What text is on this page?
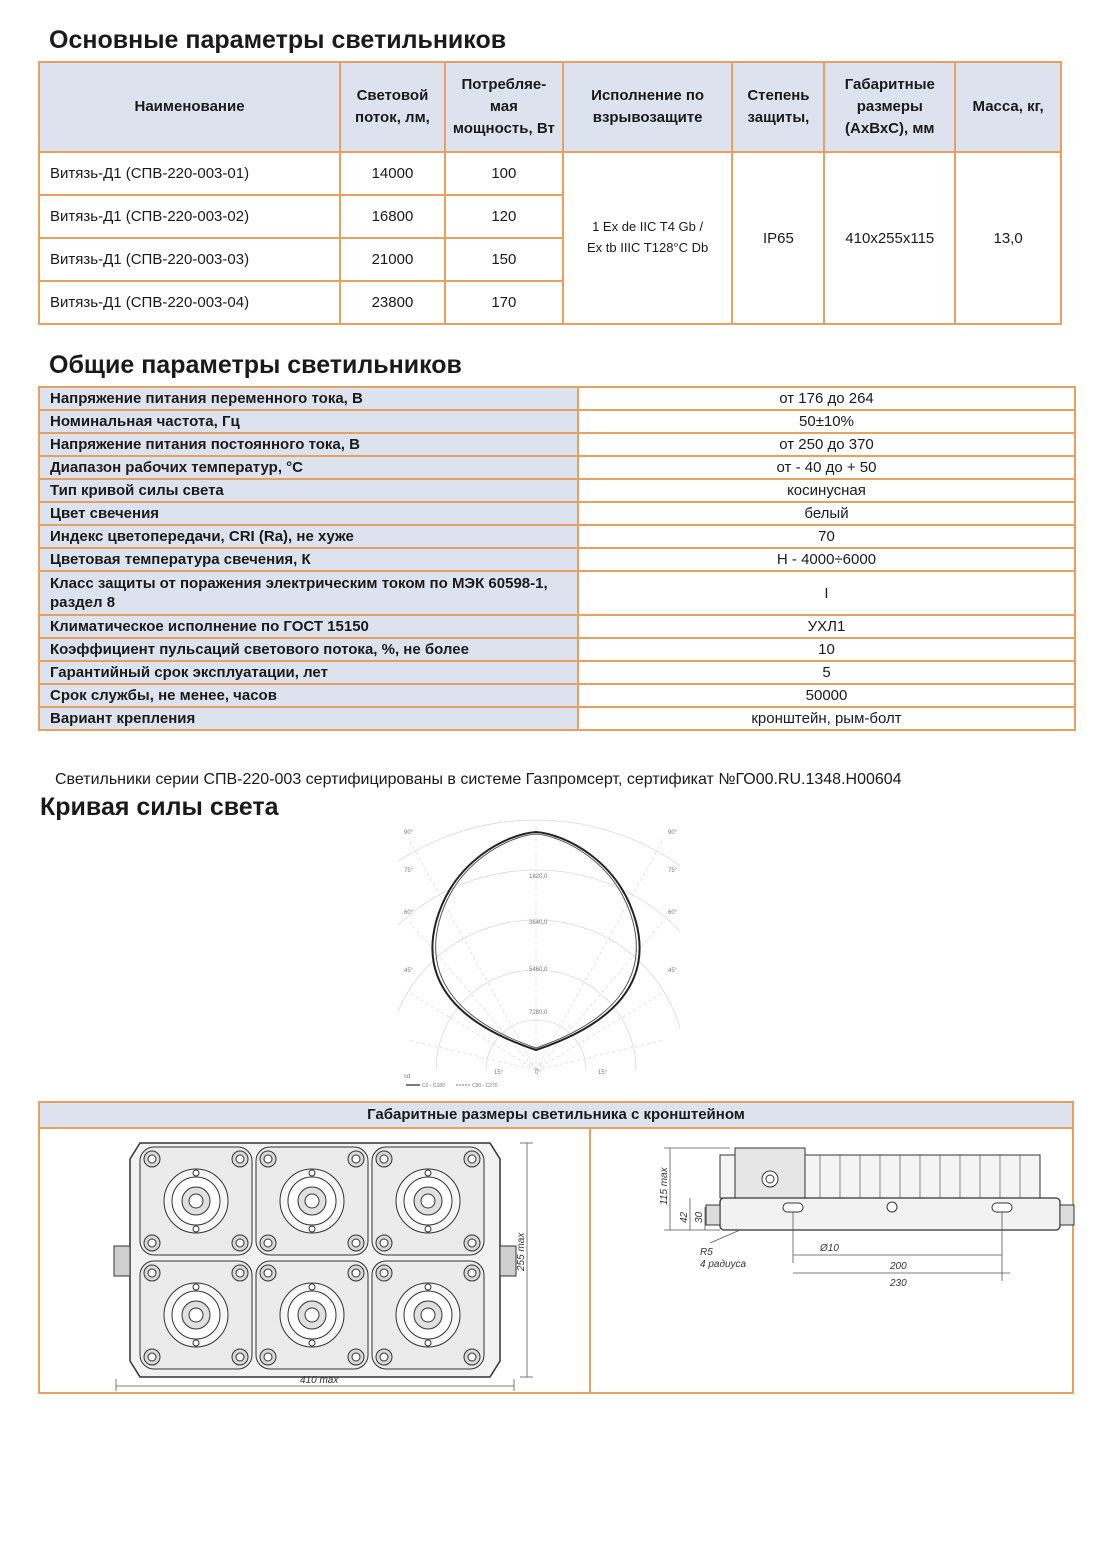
Основные параметры светильников
Наименование	Световой поток, лм,	Потребляе-мая мощность, Вт	Исполнение по взрывозащите	Степень защиты,	Габаритные размеры (АхВхС), мм	Масса, кг,
Витязь-Д1 (СПВ-220-003-01)	14000	100	1 Ex de IIC T4 Gb /
Ex tb IIIC T128°C Db	IP65	410x255x115	13,0
Витязь-Д1 (СПВ-220-003-02)	16800	120				
Витязь-Д1 (СПВ-220-003-03)	21000	150				
Витязь-Д1 (СПВ-220-003-04)	23800	170				
Общие параметры светильников
Напряжение питания переменного тока, В	от 176 до 264
Номинальная частота, Гц	50±10%
Напряжение питания постоянного тока, В	от 250 до 370
Диапазон рабочих температур, °С	от - 40 до + 50
Тип кривой силы света	косинусная
Цвет свечения	белый
Индекс цветопередачи, CRI (Ra), не хуже	70
Цветовая температура свечения, К	Н - 4000÷6000
Класс защиты от поражения электрическим током по МЭК 60598-1, раздел 8	I
Климатическое исполнение по ГОСТ 15150	УХЛ1
Коэффициент пульсаций светового потока, %, не более	10
Гарантийный срок эксплуатации, лет	5
Срок службы, не менее, часов	50000
Вариант крепления	кронштейн, рым-болт
Светильники серии СПВ-220-003 сертифицированы в системе Газпромсерт, сертификат №ГО00.RU.1348.Н00604
Кривая силы света
90°
75°
60°
45°
15°	0°	15°
90°
75°
60°
45°
1820,0
3640,0
5460,0
7280,0
cd
C0 - C180	C90 - C270
Габаритные размеры светильника с кронштейном
410 max
255 max
115 max
42 30
R5
4 радиуса
Ø10
200
230
